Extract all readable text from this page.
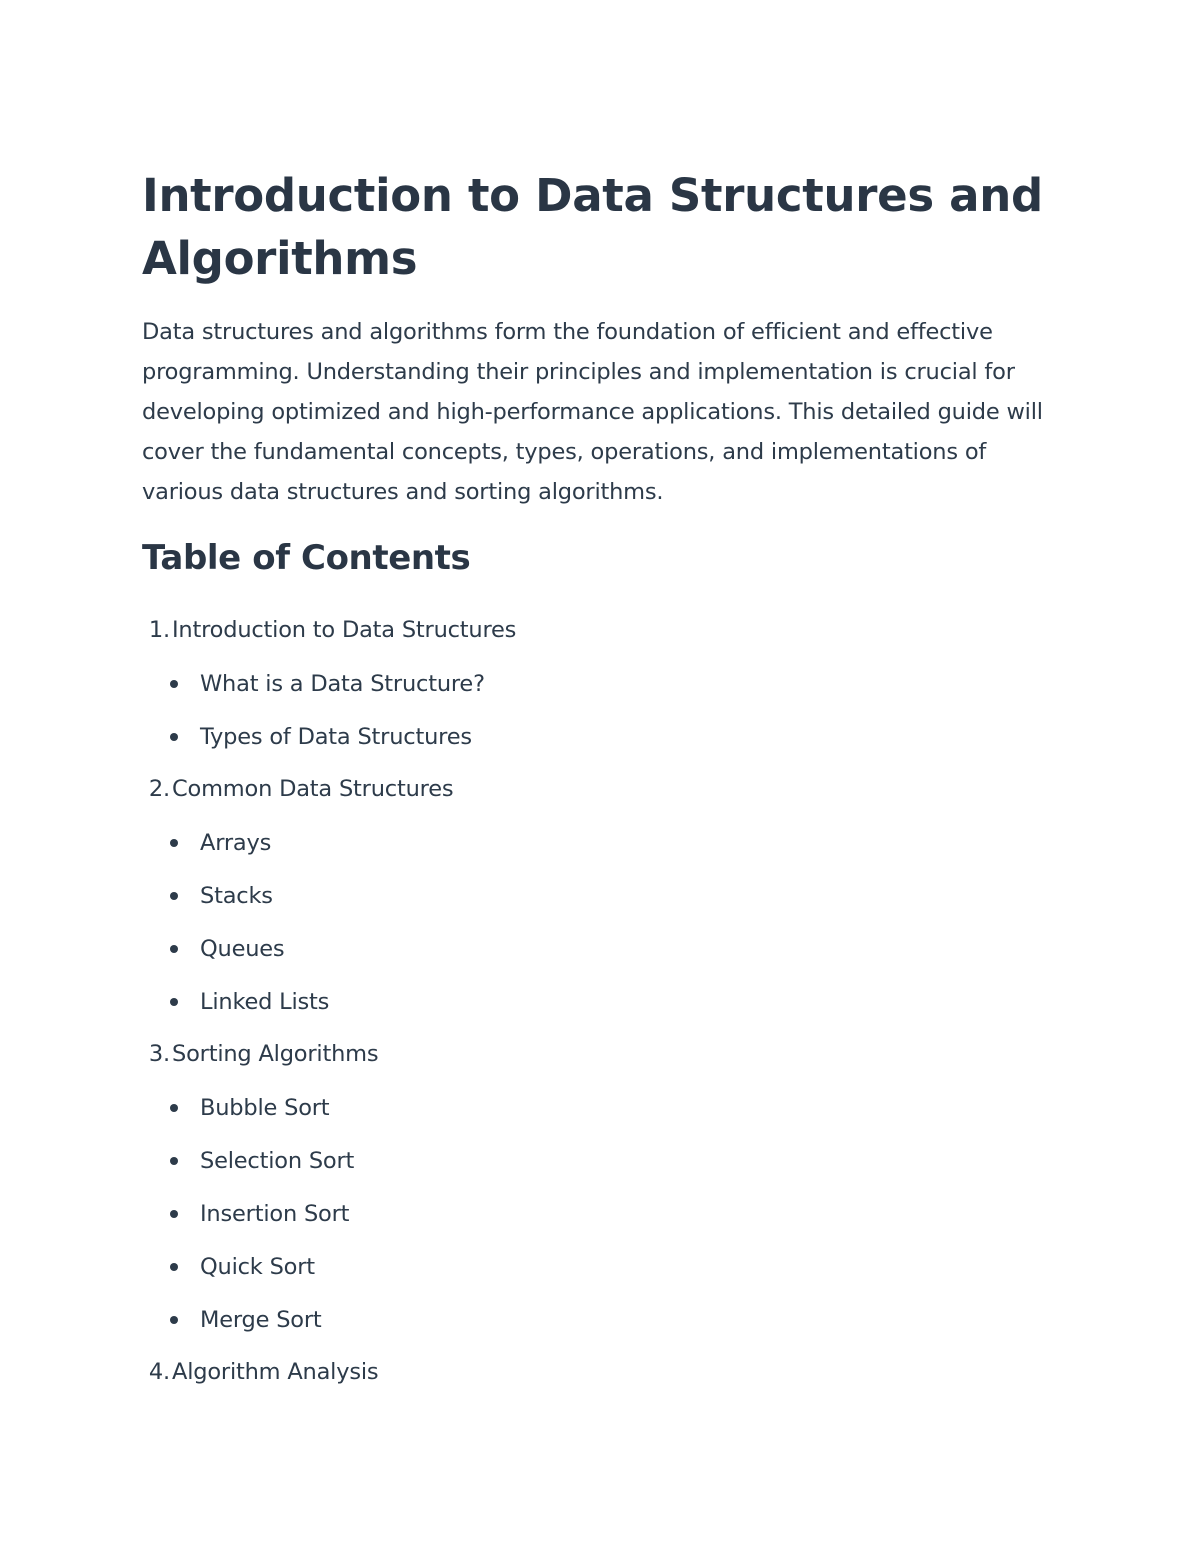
Introduction to Data Structures and Algorithms

Data structures and algorithms form the foundation of efficient and effective programming. Understanding their principles and implementation is crucial for developing optimized and high-performance applications. This detailed guide will cover the fundamental concepts, types, operations, and implementations of various data structures and sorting algorithms.

Table of Contents
1. Introduction to Data Structures
What is a Data Structure?
Types of Data Structures
2. Common Data Structures
Arrays
Stacks
Queues
Linked Lists
3. Sorting Algorithms
Bubble Sort
Selection Sort
Insertion Sort
Quick Sort
Merge Sort
4. Algorithm Analysis
